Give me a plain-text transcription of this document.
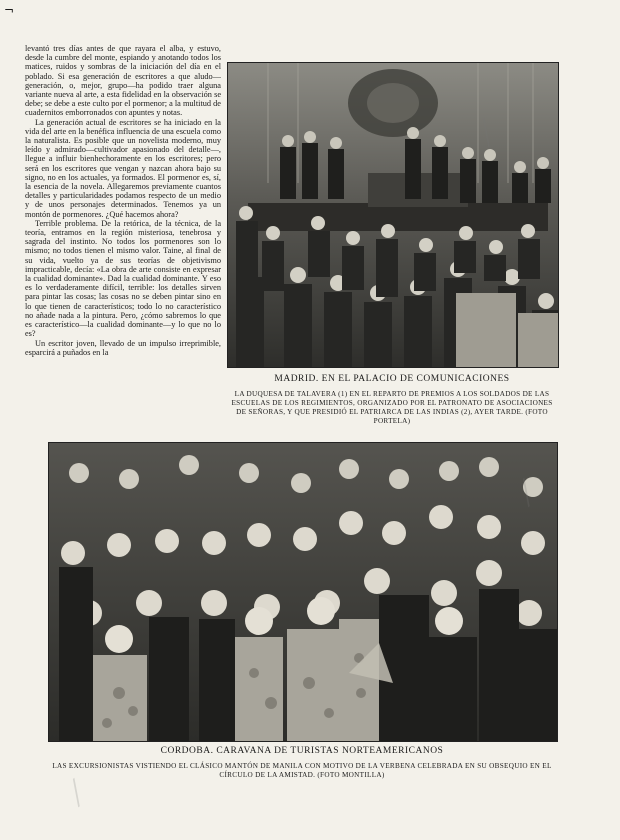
¬

levantó tres días antes de que rayara el alba, y estuvo, desde la cumbre del monte, espiando y anotando todos los matices, ruidos y sombras de la iniciación del día en el poblado. Si esa generación de escritores a que aludo—generación, o, mejor, grupo—ha podido traer alguna variante nueva al arte, a esta fidelidad en la observación se debe; se debe a este culto por el pormenor; a la multitud de cuadernitos emborronados con apuntes y notas.

La generación actual de escritores se ha iniciado en la vida del arte en la benéfica influencia de una escuela como la naturalista. Es posible que un novelista moderno, muy leído y admirado—cultivador apasionado del detalle—, llegue a influir bienhechoramente en los escritores; pero será en los escritores que vengan y nazcan ahora bajo su signo, no en los actuales, ya formados. El pormenor es, sí, la esencia de la novela. Allegaremos previamente cuantos detalles y particularidades podamos respecto de un medio y de unos personajes determinados. Tenemos ya un montón de pormenores. ¿Qué hacemos ahora?

Terrible problema. De la retórica, de la técnica, de la teoría, entramos en la región misteriosa, tenebrosa y sagrada del instinto. No todos los pormenores son lo mismo; no todos tienen el mismo valor. Taine, al final de su vida, vuelto ya de sus teorías de objetivismo impracticable, decía: «La obra de arte consiste en expresar la cualidad dominante». Dad la cualidad dominante. Y eso es lo verdaderamente difícil, terrible: los detalles sirven para pintar las cosas; las cosas no se deben pintar sino en lo que tienen de característicos; todo lo no característico no añade nada a la pintura. Pero, ¿cómo sabremos lo que es característico—la cualidad dominante—y lo que no lo es?

Un escritor joven, llevado de un impulso irreprimible, esparcirá a puñados en la

MADRID. EN EL PALACIO DE COMUNICACIONES
LA DUQUESA DE TALAVERA (1) EN EL REPARTO DE PREMIOS A LOS SOLDADOS DE LAS ESCUELAS DE LOS REGIMIENTOS, ORGANIZADO POR EL PATRONATO DE ASOCIACIONES DE SEÑORAS, Y QUE PRESIDIÓ EL PATRIARCA DE LAS INDIAS (2), AYER TARDE. (FOTO PORTELA)
CORDOBA. CARAVANA DE TURISTAS NORTEAMERICANOS
LAS EXCURSIONISTAS VISTIENDO EL CLÁSICO MANTÓN DE MANILA CON MOTIVO DE LA VERBENA CELEBRADA EN SU OBSEQUIO EN EL CÍRCULO DE LA AMISTAD. (FOTO MONTILLA)
╱
╱
╱
